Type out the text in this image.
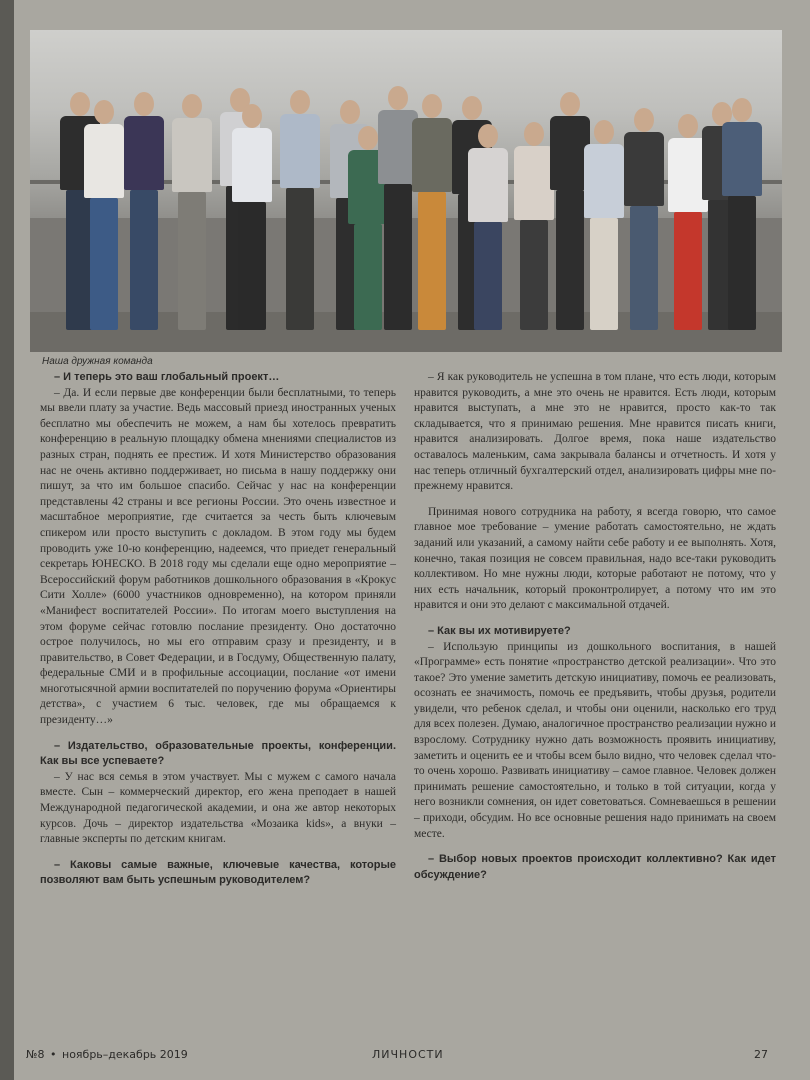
Наша дружная команда

– И теперь это ваш глобальный проект…

– Да. И если первые две конференции были бесплатными, то теперь мы ввели плату за участие. Ведь массовый приезд иностранных ученых бесплатно мы обеспечить не можем, а нам бы хотелось превратить конференцию в реальную площадку обмена мнениями специалистов из разных стран, поднять ее престиж. И хотя Министерство образования нас не очень активно поддерживает, но письма в нашу поддержку они пишут, за что им большое спасибо. Сейчас у нас на конференции представлены 42 страны и все регионы России. Это очень известное и масштабное мероприятие, где считается за честь быть ключевым спикером или просто выступить с докладом. В этом году мы будем проводить уже 10-ю конференцию, надеемся, что приедет генеральный секретарь ЮНЕСКО. В 2018 году мы сделали еще одно мероприятие – Всероссийский форум работников дошкольного образования в «Крокус Сити Холле» (6000 участников одновременно), на котором приняли «Манифест воспитателей России». По итогам моего выступления на этом форуме сейчас готовлю послание президенту. Оно достаточно острое получилось, но мы его отправим сразу и президенту, и в правительство, в Совет Федерации, и в Госдуму, Общественную палату, федеральные СМИ и в профильные ассоциации, послание «от имени многотысячной армии воспитателей по поручению форума «Ориентиры детства», с участием 6 тыс. человек, где мы обращаемся к президенту…»

– Издательство, образовательные проекты, конференции. Как вы все успеваете?

– У нас вся семья в этом участвует. Мы с мужем с самого начала вместе. Сын – коммерческий директор, его жена преподает в нашей Международной педагогической академии, и она же автор некоторых курсов. Дочь – директор издательства «Мозаика kids», а внуки – главные эксперты по детским книгам.

– Каковы самые важные, ключевые качества, которые позволяют вам быть успешным руководителем?

– Я как руководитель не успешна в том плане, что есть люди, которым нравится руководить, а мне это очень не нравится. Есть люди, которым нравится выступать, а мне это не нравится, просто как-то так складывается, что я принимаю решения. Мне нравится писать книги, нравится анализировать. Долгое время, пока наше издательство оставалось маленьким, сама закрывала балансы и отчетность. И хотя у нас теперь отличный бухгалтерский отдел, анализировать цифры мне по-прежнему нравится.

Принимая нового сотрудника на работу, я всегда говорю, что самое главное мое требование – умение работать самостоятельно, не ждать заданий или указаний, а самому найти себе работу и ее выполнять. Хотя, конечно, такая позиция не совсем правильная, надо все-таки руководить коллективом. Но мне нужны люди, которые работают не потому, что у них есть начальник, который проконтролирует, а потому что им это нравится и они это делают с максимальной отдачей.

– Как вы их мотивируете?

– Использую принципы из дошкольного воспитания, в нашей «Программе» есть понятие «пространство детской реализации». Что это такое? Это умение заметить детскую инициативу, помочь ее реализовать, осознать ее значимость, помочь ее предъявить, чтобы друзья, родители увидели, что ребенок сделал, и чтобы они оценили, насколько его труд для всех полезен. Думаю, аналогичное пространство реализации нужно и взрослому. Сотруднику нужно дать возможность проявить инициативу, заметить и оценить ее и чтобы всем было видно, что человек сделал что-то очень хорошо. Развивать инициативу – самое главное. Человек должен принимать решение самостоятельно, и только в той ситуации, когда у него возникли сомнения, он идет советоваться. Сомневаешься в решении – приходи, обсудим. Но все основные решения надо принимать на своем месте.

– Выбор новых проектов происходит коллективно? Как идет обсуждение?

№8 • ноябрь–декабрь 2019	ЛИЧНОСТИ	27
